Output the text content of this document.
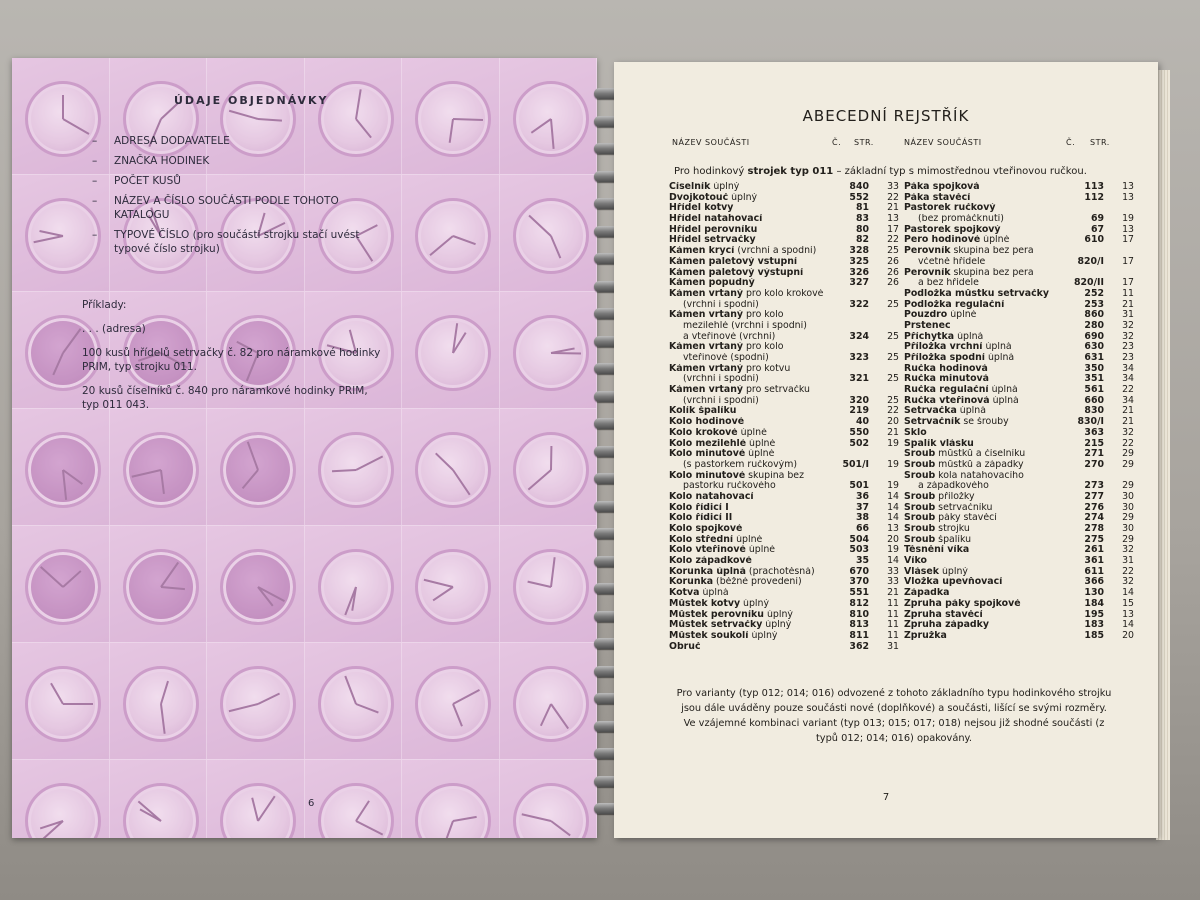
ÚDAJE OBJEDNÁVKY
–	ADRESA DODAVATELE
–	ZNAČKA HODINEK
–	POČET KUSŮ
–	NÁZEV A ČÍSLO SOUČÁSTI PODLE TOHOTO KATALOGU
–	TYPOVÉ ČÍSLO (pro součásti strojku stačí uvést typové číslo strojku)

Příklady:

. . . (adresa)

100 kusů hřídelů setrvačky č. 82 pro náramkové hodinky PRIM, typ strojku 011.

20 kusů číselníků č. 840 pro náramkové hodinky PRIM, typ 011 043.

6
ABECEDNÍ REJSTŘÍK
NÁZEV SOUČÁSTI	Č. STR.	NÁZEV SOUČÁSTI	Č. STR.
Pro hodinkový strojek typ 011 – základní typ s mimostřednou vteřinovou ručkou.
Číselník úplný	840	33
Dvojkotouč úplný	552	22
Hřídel kotvy	81	21
Hřídel natahovací	83	13
Hřídel perovníku	80	17
Hřídel setrvačky	82	22
Kámen krycí (vrchní a spodní)	328	25
Kámen paletový vstupní	325	26
Kámen paletový výstupní	326	26
Kámen popudný	327	26
Kámen vrtaný pro kolo krokové
(vrchní i spodní)	322	25
Kámen vrtaný pro kolo
mezilehlé (vrchní i spodní)
a vteřinové (vrchní)	324	25
Kámen vrtaný pro kolo
vteřinové (spodní)	323	25
Kámen vrtaný pro kotvu
(vrchní i spodní)	321	25
Kámen vrtaný pro setrvačku
(vrchní i spodní)	320	25
Kolík špalíku	219	22
Kolo hodinové	40	20
Kolo krokové úplné	550	21
Kolo mezilehlé úplné	502	19
Kolo minutové úplné
(s pastorkem ručkovým)	501/I	19
Kolo minutové skupina bez
pastorku ručkového	501	19
Kolo natahovací	36	14
Kolo řídicí I	37	14
Kolo řídicí II	38	14
Kolo spojkové	66	13
Kolo střední úplné	504	20
Kolo vteřinové úplné	503	19
Kolo západkové	35	14
Korunka úplná (prachotěsná)	670	33
Korunka (běžné provedení)	370	33
Kotva úplná	551	21
Můstek kotvy úplný	812	11
Můstek perovníku úplný	810	11
Můstek setrvačky úplný	813	11
Můstek soukolí úplný	811	11
Obruč	362	31
Páka spojková	113	13
Páka stavěcí	112	13
Pastorek ručkový
(bez promáčknutí)	69	19
Pastorek spojkový	67	13
Pero hodinové úplné	610	17
Perovník skupina bez pera
včetně hřídele	820/I	17
Perovník skupina bez pera
a bez hřídele	820/II	17
Podložka můstku setrvačky	252	11
Podložka regulační	253	21
Pouzdro úplné	860	31
Prstenec	280	32
Příchytka úplná	690	32
Příložka vrchní úplná	630	23
Příložka spodní úplná	631	23
Ručka hodinová	350	34
Ručka minutová	351	34
Ručka regulační úplná	561	22
Ručka vteřinová úplná	660	34
Setrvačka úplná	830	21
Setrvačník se šrouby	830/I	21
Sklo	363	32
Špalík vlásku	215	22
Šroub můstků a číselníku	271	29
Šroub můstků a západky	270	29
Šroub kola natahovacího
a západkového	273	29
Šroub příložky	277	30
Šroub setrvačníku	276	30
Šroub páky stavěcí	274	29
Šroub strojku	278	30
Šroub špalíku	275	29
Těsnění víka	261	32
Víko	361	31
Vlásek úplný	611	22
Vložka upevňovací	366	32
Západka	130	14
Zpruha páky spojkové	184	15
Zpruha stavěcí	195	13
Zpruha západky	183	14
Zpružka	185	20
Pro varianty (typ 012; 014; 016) odvozené z tohoto základního typu hodinkového strojku jsou dále uváděny pouze součásti nové (doplňkové) a součásti, lišící se svými rozměry. Ve vzájemné kombinaci variant (typ 013; 015; 017; 018) nejsou již shodné součásti (z typů 012; 014; 016) opakovány.
7
